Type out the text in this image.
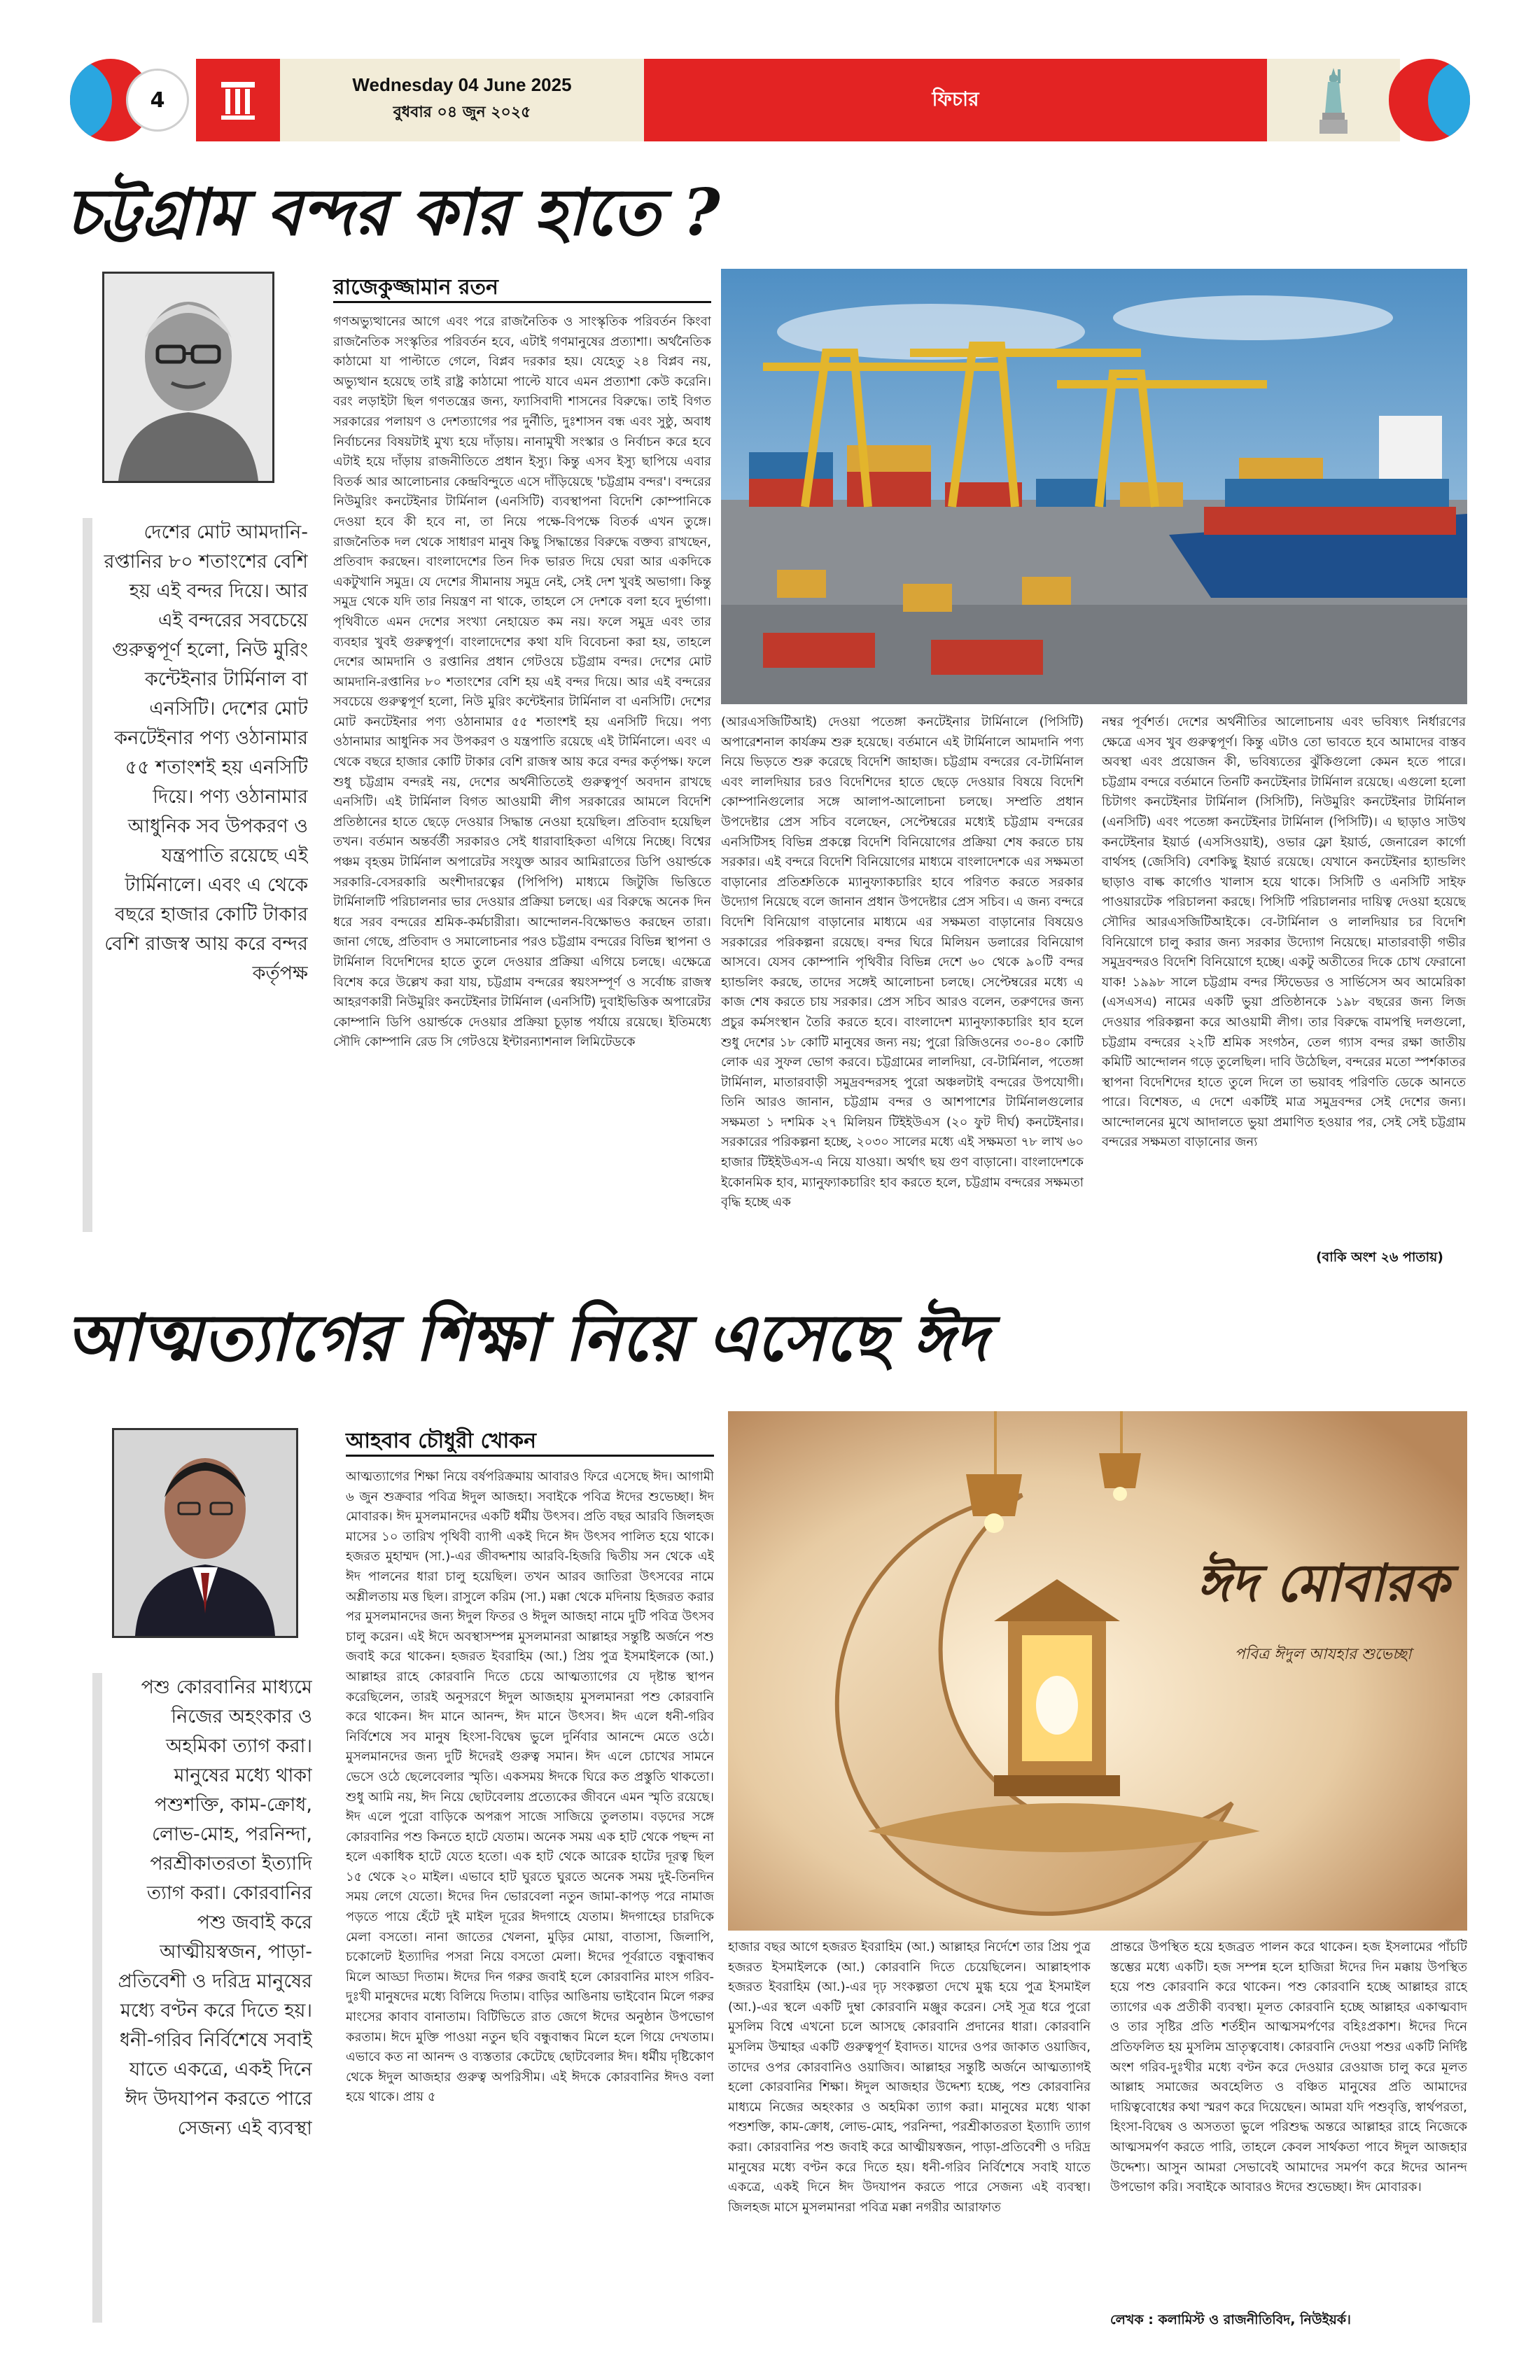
4
Wednesday 04 June 2025
বুধবার ০৪ জুন ২০২৫
ফিচার
চট্টগ্রাম বন্দর কার হাতে ?
রাজেকুজ্জামান রতন
দেশের মোট আমদানি-রপ্তানির ৮০ শতাংশের বেশি হয় এই বন্দর দিয়ে। আর এই বন্দরের সবচেয়ে গুরুত্বপূর্ণ হলো, নিউ মুরিং কন্টেইনার টার্মিনাল বা এনসিটি। দেশের মোট কনটেইনার পণ্য ওঠানামার ৫৫ শতাংশই হয় এনসিটি দিয়ে। পণ্য ওঠানামার আধুনিক সব উপকরণ ও যন্ত্রপাতি রয়েছে এই টার্মিনালে। এবং এ থেকে বছরে হাজার কোটি টাকার বেশি রাজস্ব আয় করে বন্দর কর্তৃপক্ষ
গণঅভ্যুত্থানের আগে এবং পরে রাজনৈতিক ও সাংস্কৃতিক পরিবর্তন কিংবা রাজনৈতিক সংস্কৃতির পরিবর্তন হবে, এটাই গণমানুষের প্রত্যাশা। অর্থনৈতিক কাঠামো যা পাল্টাতে গেলে, বিপ্লব দরকার হয়। যেহেতু ২৪ বিপ্লব নয়, অভ্যুত্থান হয়েছে তাই রাষ্ট্র কাঠামো পাল্টে যাবে এমন প্রত্যাশা কেউ করেনি। বরং লড়াইটা ছিল গণতন্ত্রের জন্য, ফ্যাসিবাদী শাসনের বিরুদ্ধে। তাই বিগত সরকারের পলায়ণ ও দেশত্যাগের পর দুর্নীতি, দুঃশাসন বন্ধ এবং সুষ্ঠু, অবাধ নির্বাচনের বিষয়টাই মুখ্য হয়ে দাঁড়ায়। নানামুখী সংস্কার ও নির্বাচন করে হবে এটাই হয়ে দাঁড়ায় রাজনীতিতে প্রধান ইস্যু। কিন্তু এসব ইস্যু ছাপিয়ে এবার বিতর্ক আর আলোচনার কেন্দ্রবিন্দুতে এসে দাঁড়িয়েছে 'চট্টগ্রাম বন্দর'। বন্দরের নিউমুরিং কনটেইনার টার্মিনাল (এনসিটি) ব্যবস্থাপনা বিদেশি কোম্পানিকে দেওয়া হবে কী হবে না, তা নিয়ে পক্ষে-বিপক্ষে বিতর্ক এখন তুঙ্গে। রাজনৈতিক দল থেকে সাধারণ মানুষ কিছু সিদ্ধান্তের বিরুদ্ধে বক্তব্য রাখছেন, প্রতিবাদ করছেন। বাংলাদেশের তিন দিক ভারত দিয়ে ঘেরা আর একদিকে একটুখানি সমুদ্র। যে দেশের সীমানায় সমুদ্র নেই, সেই দেশ খুবই অভাগা। কিন্তু সমুদ্র থেকে যদি তার নিয়ন্ত্রণ না থাকে, তাহলে সে দেশকে বলা হবে দুর্ভাগা। পৃথিবীতে এমন দেশের সংখ্যা নেহায়েত কম নয়। ফলে সমুদ্র এবং তার ব্যবহার খুবই গুরুত্বপূর্ণ। বাংলাদেশের কথা যদি বিবেচনা করা হয়, তাহলে দেশের আমদানি ও রপ্তানির প্রধান গেটওয়ে চট্টগ্রাম বন্দর। দেশের মোট আমদানি-রপ্তানির ৮০ শতাংশের বেশি হয় এই বন্দর দিয়ে। আর এই বন্দরের সবচেয়ে গুরুত্বপূর্ণ হলো, নিউ মুরিং কন্টেইনার টার্মিনাল বা এনসিটি। দেশের মোট কনটেইনার পণ্য ওঠানামার ৫৫ শতাংশই হয় এনসিটি দিয়ে। পণ্য ওঠানামার আধুনিক সব উপকরণ ও যন্ত্রপাতি রয়েছে এই টার্মিনালে। এবং এ থেকে বছরে হাজার কোটি টাকার বেশি রাজস্ব আয় করে বন্দর কর্তৃপক্ষ। ফলে শুধু চট্টগ্রাম বন্দরই নয়, দেশের অর্থনীতিতেই গুরুত্বপূর্ণ অবদান রাখছে এনসিটি। এই টার্মিনাল বিগত আওয়ামী লীগ সরকারের আমলে বিদেশি প্রতিষ্ঠানের হাতে ছেড়ে দেওয়ার সিদ্ধান্ত নেওয়া হয়েছিল। প্রতিবাদ হয়েছিল তখন। বর্তমান অন্তর্বর্তী সরকারও সেই ধারাবাহিকতা এগিয়ে নিচ্ছে। বিশ্বের পঞ্চম বৃহত্তম টার্মিনাল অপারেটর সংযুক্ত আরব আমিরাতের ডিপি ওয়ার্ল্ডকে সরকারি-বেসরকারি অংশীদারত্বের (পিপিপি) মাধ্যমে জিটুজি ভিত্তিতে টার্মিনালটি পরিচালনার ভার দেওয়ার প্রক্রিয়া চলছে। এর বিরুদ্ধে অনেক দিন ধরে সরব বন্দরের শ্রমিক-কর্মচারীরা। আন্দোলন-বিক্ষোভও করছেন তারা। জানা গেছে, প্রতিবাদ ও সমালোচনার পরও চট্টগ্রাম বন্দরের বিভিন্ন স্থাপনা ও টার্মিনাল বিদেশিদের হাতে তুলে দেওয়ার প্রক্রিয়া এগিয়ে চলছে। এক্ষেত্রে বিশেষ করে উল্লেখ করা যায়, চট্টগ্রাম বন্দরের স্বয়ংসম্পূর্ণ ও সর্বোচ্চ রাজস্ব আহরণকারী নিউমুরিং কনটেইনার টার্মিনাল (এনসিটি) দুবাইভিত্তিক অপারেটর কোম্পানি ডিপি ওয়ার্ল্ডকে দেওয়ার প্রক্রিয়া চূড়ান্ত পর্যায়ে রয়েছে। ইতিমধ্যে সৌদি কোম্পানি রেড সি গেটওয়ে ইন্টারন্যাশনাল লিমিটেডকে
(আরএসজিটিআই) দেওয়া পতেঙ্গা কনটেইনার টার্মিনালে (পিসিটি) অপারেশনাল কার্যক্রম শুরু হয়েছে। বর্তমানে এই টার্মিনালে আমদানি পণ্য নিয়ে ভিড়তে শুরু করেছে বিদেশি জাহাজ। চট্টগ্রাম বন্দরের বে-টার্মিনাল এবং লালদিয়ার চরও বিদেশিদের হাতে ছেড়ে দেওয়ার বিষয়ে বিদেশি কোম্পানিগুলোর সঙ্গে আলাপ-আলোচনা চলছে। সম্প্রতি প্রধান উপদেষ্টার প্রেস সচিব বলেছেন, সেপ্টেম্বরের মধ্যেই চট্টগ্রাম বন্দরের এনসিটিসহ বিভিন্ন প্রকল্পে বিদেশি বিনিয়োগের প্রক্রিয়া শেষ করতে চায় সরকার। এই বন্দরে বিদেশি বিনিয়োগের মাধ্যমে বাংলাদেশকে এর সক্ষমতা বাড়ানোর প্রতিশ্রুতিকে ম্যানুফ্যাকচারিং হাবে পরিণত করতে সরকার উদ্যোগ নিয়েছে বলে জানান প্রধান উপদেষ্টার প্রেস সচিব। এ জন্য বন্দরে বিদেশি বিনিয়োগ বাড়ানোর মাধ্যমে এর সক্ষমতা বাড়ানোর বিষয়েও সরকারের পরিকল্পনা রয়েছে। বন্দর ঘিরে মিলিয়ন ডলারের বিনিয়োগ আসবে। যেসব কোম্পানি পৃথিবীর বিভিন্ন দেশে ৬০ থেকে ৯০টি বন্দর হ্যান্ডলিং করছে, তাদের সঙ্গেই আলোচনা চলছে। সেপ্টেম্বরের মধ্যে এ কাজ শেষ করতে চায় সরকার। প্রেস সচিব আরও বলেন, তরুণদের জন্য প্রচুর কর্মসংস্থান তৈরি করতে হবে। বাংলাদেশ ম্যানুফ্যাকচারিং হাব হলে শুধু দেশের ১৮ কোটি মানুষের জন্য নয়; পুরো রিজিওনের ৩০-৪০ কোটি লোক এর সুফল ভোগ করবে। চট্টগ্রামের লালদিয়া, বে-টার্মিনাল, পতেঙ্গা টার্মিনাল, মাতারবাড়ী সমুদ্রবন্দরসহ পুরো অঞ্চলটাই বন্দরের উপযোগী। তিনি আরও জানান, চট্টগ্রাম বন্দর ও আশপাশের টার্মিনালগুলোর সক্ষমতা ১ দশমিক ২৭ মিলিয়ন টিইইউএস (২০ ফুট দীর্ঘ) কনটেইনার। সরকারের পরিকল্পনা হচ্ছে, ২০৩০ সালের মধ্যে এই সক্ষমতা ৭৮ লাখ ৬০ হাজার টিইইউএস-এ নিয়ে যাওয়া। অর্থাৎ ছয় গুণ বাড়ানো। বাংলাদেশকে ইকোনমিক হাব, ম্যানুফ্যাকচারিং হাব করতে হলে, চট্টগ্রাম বন্দরের সক্ষমতা বৃদ্ধি হচ্ছে এক
নম্বর পূর্বশর্ত। দেশের অর্থনীতির আলোচনায় এবং ভবিষ্যৎ নির্ধারণের ক্ষেত্রে এসব খুব গুরুত্বপূর্ণ। কিন্তু এটাও তো ভাবতে হবে আমাদের বাস্তব অবস্থা এবং প্রয়োজন কী, ভবিষ্যতের ঝুঁকিগুলো কেমন হতে পারে। চট্টগ্রাম বন্দরে বর্তমানে তিনটি কনটেইনার টার্মিনাল রয়েছে। এগুলো হলো চিটাগং কনটেইনার টার্মিনাল (সিসিটি), নিউমুরিং কনটেইনার টার্মিনাল (এনসিটি) এবং পতেঙ্গা কনটেইনার টার্মিনাল (পিসিটি)। এ ছাড়াও সাউথ কনটেইনার ইয়ার্ড (এসসিওয়াই), ওভার ফ্লো ইয়ার্ড, জেনারেল কার্গো বার্থসহ (জেসিবি) বেশকিছু ইয়ার্ড রয়েছে। যেখানে কনটেইনার হ্যান্ডলিং ছাড়াও বাল্ক কার্গোও খালাস হয়ে থাকে। সিসিটি ও এনসিটি সাইফ পাওয়ারটেক পরিচালনা করছে। পিসিটি পরিচালনার দায়িত্ব দেওয়া হয়েছে সৌদির আরএসজিটিআইকে। বে-টার্মিনাল ও লালদিয়ার চর বিদেশি বিনিয়োগে চালু করার জন্য সরকার উদ্যোগ নিয়েছে। মাতারবাড়ী গভীর সমুদ্রবন্দরও বিদেশি বিনিয়োগে হচ্ছে। একটু অতীতের দিকে চোখ ফেরানো যাক! ১৯৯৮ সালে চট্টগ্রাম বন্দর স্টিভেডর ও সার্ভিসেস অব আমেরিকা (এসএসএ) নামের একটি ভুয়া প্রতিষ্ঠানকে ১৯৮ বছরের জন্য লিজ দেওয়ার পরিকল্পনা করে আওয়ামী লীগ। তার বিরুদ্ধে বামপন্থি দলগুলো, চট্টগ্রাম বন্দরের ২২টি শ্রমিক সংগঠন, তেল গ্যাস বন্দর রক্ষা জাতীয় কমিটি আন্দোলন গড়ে তুলেছিল। দাবি উঠেছিল, বন্দরের মতো স্পর্শকাতর স্থাপনা বিদেশিদের হাতে তুলে দিলে তা ভয়াবহ পরিণতি ডেকে আনতে পারে। বিশেষত, এ দেশে একটিই মাত্র সমুদ্রবন্দর সেই দেশের জন্য। আন্দোলনের মুখে আদালতে ভুয়া প্রমাণিত হওয়ার পর, সেই সেই চট্টগ্রাম বন্দরের সক্ষমতা বাড়ানোর জন্য
(বাকি অংশ ২৬ পাতায়)
আত্মত্যাগের শিক্ষা নিয়ে এসেছে ঈদ
আহবাব চৌধুরী খোকন
পশু কোরবানির মাধ্যমে নিজের অহংকার ও অহমিকা ত্যাগ করা। মানুষের মধ্যে থাকা পশুশক্তি, কাম-ক্রোধ, লোভ-মোহ, পরনিন্দা, পরশ্রীকাতরতা ইত্যাদি ত্যাগ করা। কোরবানির পশু জবাই করে আত্মীয়স্বজন, পাড়া-প্রতিবেশী ও দরিদ্র মানুষের মধ্যে বণ্টন করে দিতে হয়। ধনী-গরিব নির্বিশেষে সবাই যাতে একত্রে, একই দিনে ঈদ উদযাপন করতে পারে সেজন্য এই ব্যবস্থা
আত্মত্যাগের শিক্ষা নিয়ে বর্ষপরিক্রমায় আবারও ফিরে এসেছে ঈদ। আগামী ৬ জুন শুক্রবার পবিত্র ঈদুল আজহা। সবাইকে পবিত্র ঈদের শুভেচ্ছা। ঈদ মোবারক। ঈদ মুসলমানদের একটি ধর্মীয় উৎসব। প্রতি বছর আরবি জিলহজ মাসের ১০ তারিখ পৃথিবী ব্যাপী একই দিনে ঈদ উৎসব পালিত হয়ে থাকে। হজরত মুহাম্মদ (সা.)-এর জীবদ্দশায় আরবি-হিজরি দ্বিতীয় সন থেকে এই ঈদ পালনের ধারা চালু হয়েছিল। তখন আরব জাতিরা উৎসবের নামে অশ্লীলতায় মত্ত ছিল। রাসুলে করিম (সা.) মক্কা থেকে মদিনায় হিজরত করার পর মুসলমানদের জন্য ঈদুল ফিতর ও ঈদুল আজহা নামে দুটি পবিত্র উৎসব চালু করেন। এই ঈদে অবস্থাসম্পন্ন মুসলমানরা আল্লাহর সন্তুষ্টি অর্জনে পশু জবাই করে থাকেন। হজরত ইবরাহিম (আ.) প্রিয় পুত্র ইসমাইলকে (আ.) আল্লাহর রাহে কোরবানি দিতে চেয়ে আত্মত্যাগের যে দৃষ্টান্ত স্থাপন করেছিলেন, তারই অনুসরণে ঈদুল আজহায় মুসলমানরা পশু কোরবানি করে থাকেন। ঈদ মানে আনন্দ, ঈদ মানে উৎসব। ঈদ এলে ধনী-গরিব নির্বিশেষে সব মানুষ হিংসা-বিদ্বেষ ভুলে দুর্নিবার আনন্দে মেতে ওঠে। মুসলমানদের জন্য দুটি ঈদেরই গুরুত্ব সমান। ঈদ এলে চোখের সামনে ভেসে ওঠে ছেলেবেলার স্মৃতি। একসময় ঈদকে ঘিরে কত প্রস্তুতি থাকতো। শুধু আমি নয়, ঈদ নিয়ে ছোটবেলায় প্রত্যেকের জীবনে এমন স্মৃতি রয়েছে। ঈদ এলে পুরো বাড়িকে অপরূপ সাজে সাজিয়ে তুলতাম। বড়দের সঙ্গে কোরবানির পশু কিনতে হাটে যেতাম। অনেক সময় এক হাট থেকে পছন্দ না হলে একাধিক হাটে যেতে হতো। এক হাট থেকে আরেক হাটের দূরত্ব ছিল ১৫ থেকে ২০ মাইল। এভাবে হাট ঘুরতে ঘুরতে অনেক সময় দুই-তিনদিন সময় লেগে যেতো। ঈদের দিন ভোরবেলা নতুন জামা-কাপড় পরে নামাজ পড়তে পায়ে হেঁটে দুই মাইল দূরের ঈদগাহে যেতাম। ঈদগাহের চারদিকে মেলা বসতো। নানা জাতের খেলনা, মুড়ির মোয়া, বাতাসা, জিলাপি, চকোলেট ইত্যাদির পসরা নিয়ে বসতো মেলা। ঈদের পূর্বরাতে বন্ধুবান্ধব মিলে আড্ডা দিতাম। ঈদের দিন গরুর জবাই হলে কোরবানির মাংস গরিব-দুঃখী মানুষদের মধ্যে বিলিয়ে দিতাম। বাড়ির আঙিনায় ভাইবোন মিলে গরুর মাংসের কাবাব বানাতাম। বিটিভিতে রাত জেগে ঈদের অনুষ্ঠান উপভোগ করতাম। ঈদে মুক্তি পাওয়া নতুন ছবি বন্ধুবান্ধব মিলে হলে গিয়ে দেখতাম। এভাবে কত না আনন্দ ও ব্যস্ততার কেটেছে ছোটবেলার ঈদ। ধর্মীয় দৃষ্টিকোণ থেকে ঈদুল আজহার গুরুত্ব অপরিসীম। এই ঈদকে কোরবানির ঈদও বলা হয়ে থাকে। প্রায় ৫
ঈদ মোবারক
পবিত্র ঈদুল আযহার শুভেচ্ছা
হাজার বছর আগে হজরত ইবরাহিম (আ.) আল্লাহর নির্দেশে তার প্রিয় পুত্র হজরত ইসমাইলকে (আ.) কোরবানি দিতে চেয়েছিলেন। আল্লাহপাক হজরত ইবরাহিম (আ.)-এর দৃঢ় সংকল্পতা দেখে মুগ্ধ হয়ে পুত্র ইসমাইল (আ.)-এর স্থলে একটি দুম্বা কোরবানি মঞ্জুর করেন। সেই সূত্র ধরে পুরো মুসলিম বিশ্বে এখনো চলে আসছে কোরবানি প্রদানের ধারা। কোরবানি মুসলিম উম্মাহর একটি গুরুত্বপূর্ণ ইবাদত। যাদের ওপর জাকাত ওয়াজিব, তাদের ওপর কোরবানিও ওয়াজিব। আল্লাহর সন্তুষ্টি অর্জনে আত্মত্যাগই হলো কোরবানির শিক্ষা। ঈদুল আজহার উদ্দেশ্য হচ্ছে, পশু কোরবানির মাধ্যমে নিজের অহংকার ও অহমিকা ত্যাগ করা। মানুষের মধ্যে থাকা পশুশক্তি, কাম-ক্রোধ, লোভ-মোহ, পরনিন্দা, পরশ্রীকাতরতা ইত্যাদি ত্যাগ করা। কোরবানির পশু জবাই করে আত্মীয়স্বজন, পাড়া-প্রতিবেশী ও দরিদ্র মানুষের মধ্যে বণ্টন করে দিতে হয়। ধনী-গরিব নির্বিশেষে সবাই যাতে একত্রে, একই দিনে ঈদ উদযাপন করতে পারে সেজন্য এই ব্যবস্থা। জিলহজ মাসে মুসলমানরা পবিত্র মক্কা নগরীর আরাফাত
প্রান্তরে উপস্থিত হয়ে হজব্রত পালন করে থাকেন। হজ ইসলামের পাঁচটি স্তম্ভের মধ্যে একটি। হজ সম্পন্ন হলে হাজিরা ঈদের দিন মক্কায় উপস্থিত হয়ে পশু কোরবানি করে থাকেন। পশু কোরবানি হচ্ছে আল্লাহর রাহে ত্যাগের এক প্রতীকী ব্যবস্থা। মূলত কোরবানি হচ্ছে আল্লাহর একাত্মবাদ ও তার সৃষ্টির প্রতি শর্তহীন আত্মসমর্পণের বহিঃপ্রকাশ। ঈদের দিনে প্রতিফলিত হয় মুসলিম ভ্রাতৃত্ববোধ। কোরবানি দেওয়া পশুর একটি নির্দিষ্ট অংশ গরিব-দুঃখীর মধ্যে বণ্টন করে দেওয়ার রেওয়াজ চালু করে মূলত আল্লাহ সমাজের অবহেলিত ও বঞ্চিত মানুষের প্রতি আমাদের দায়িত্ববোধের কথা স্মরণ করে দিয়েছেন। আমরা যদি পশুবৃত্তি, স্বার্থপরতা, হিংসা-বিদ্বেষ ও অসততা ভুলে পরিশুদ্ধ অন্তরে আল্লাহর রাহে নিজেকে আত্মসমর্পণ করতে পারি, তাহলে কেবল সার্থকতা পাবে ঈদুল আজহার উদ্দেশ্য। আসুন আমরা সেভাবেই আমাদের সমর্পণ করে ঈদের আনন্দ উপভোগ করি। সবাইকে আবারও ঈদের শুভেচ্ছা। ঈদ মোবারক।
লেখক : কলামিস্ট ও রাজনীতিবিদ, নিউইয়র্ক।
